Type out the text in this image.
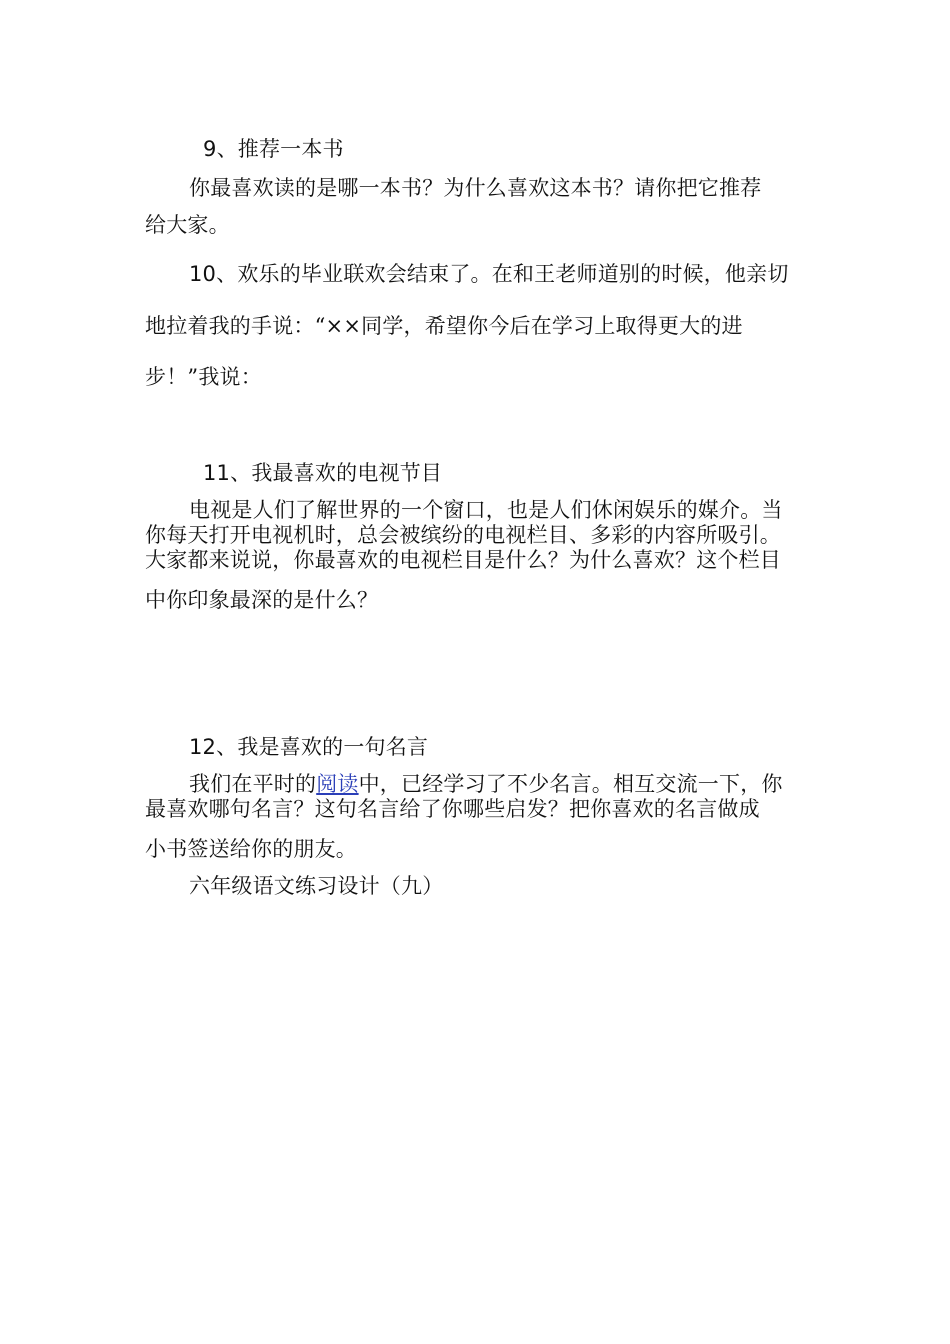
9、推荐一本书
你最喜欢读的是哪一本书？为什么喜欢这本书？请你把它推荐
给大家。
10、欢乐的毕业联欢会结束了。在和王老师道别的时候，他亲切
地拉着我的手说：“××同学，希望你今后在学习上取得更大的进
步！”我说：
11、我最喜欢的电视节目
电视是人们了解世界的一个窗口，也是人们休闲娱乐的媒介。当
你每天打开电视机时，总会被缤纷的电视栏目、多彩的内容所吸引。
大家都来说说，你最喜欢的电视栏目是什么？为什么喜欢？这个栏目
中你印象最深的是什么？
12、我是喜欢的一句名言
我们在平时的阅读中，已经学习了不少名言。相互交流一下，你
最喜欢哪句名言？这句名言给了你哪些启发？把你喜欢的名言做成
小书签送给你的朋友。
六年级语文练习设计（九）
